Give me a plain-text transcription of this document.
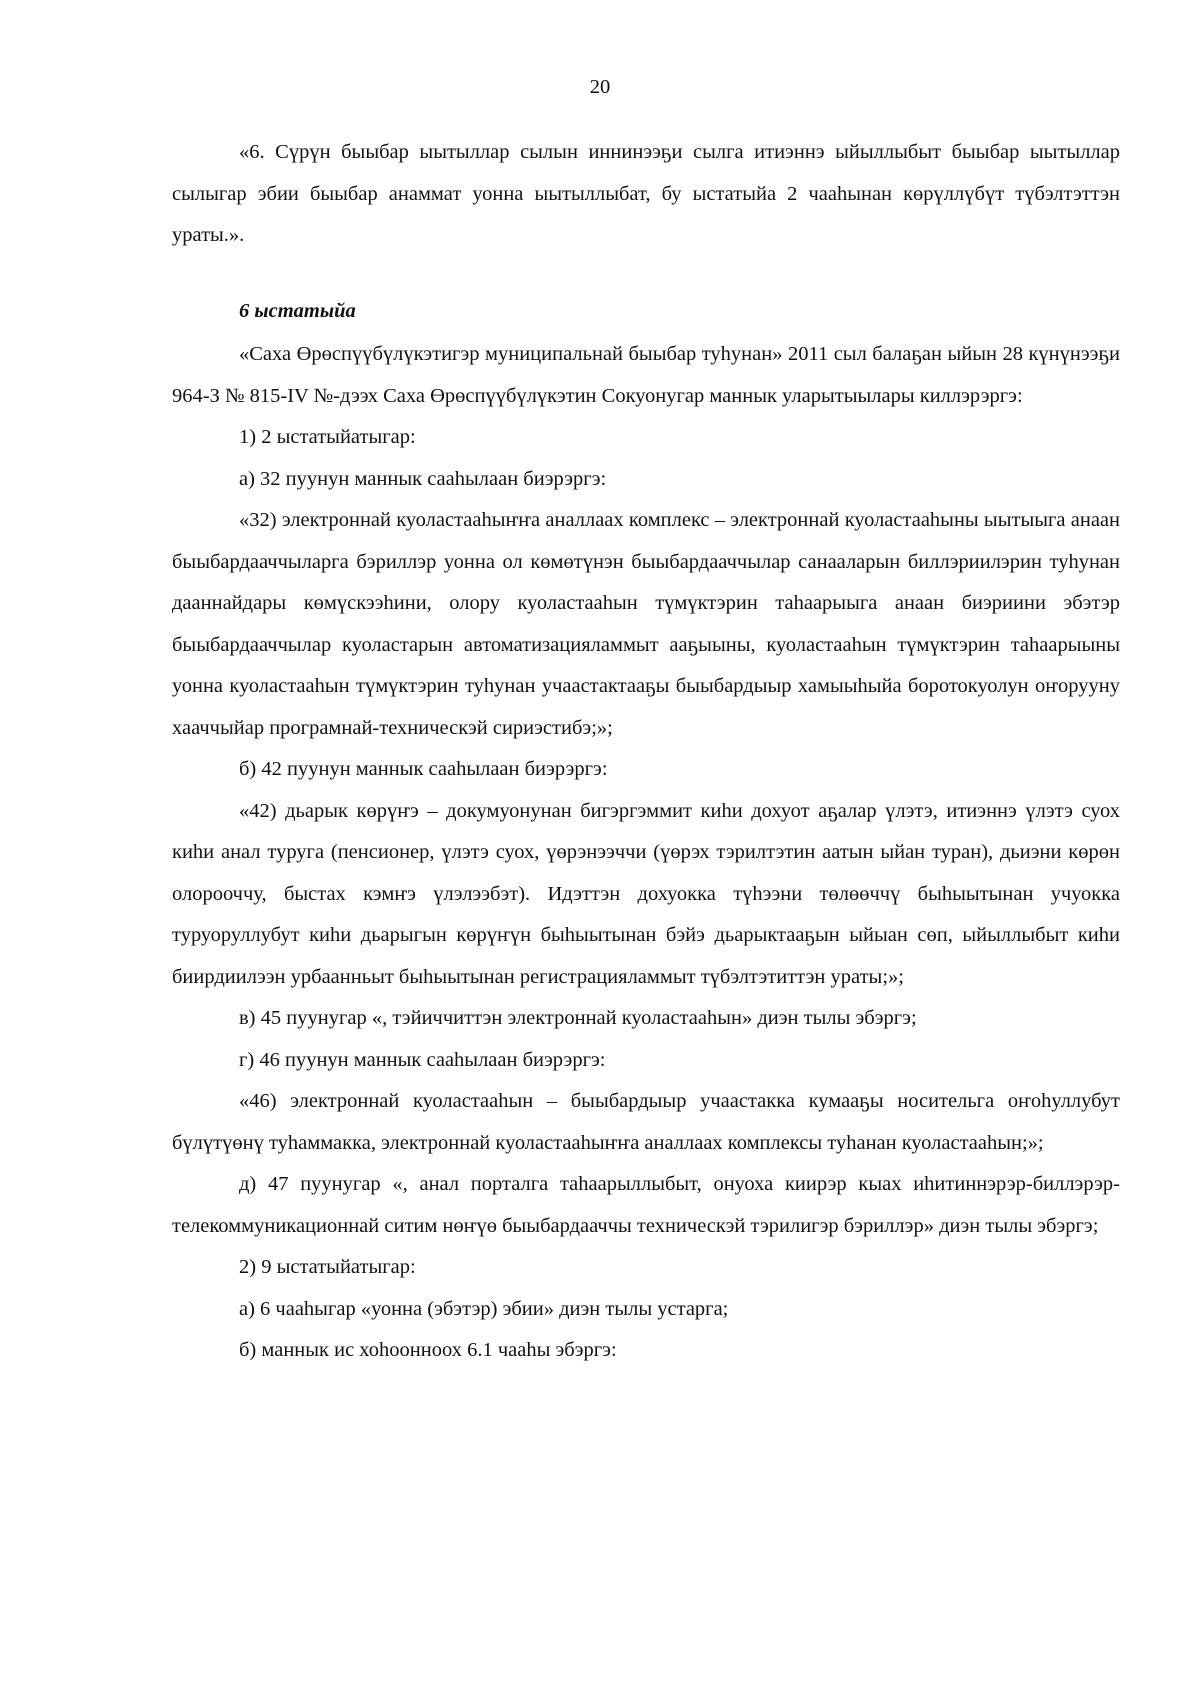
20

«6. Сүрүн быыбар ыытыллар сылын иннинээҕи сылга итиэннэ ыйыллыбыт быыбар ыытыллар сылыгар эбии быыбар анаммат уонна ыытыллыбат, бу ыстатыйа 2 чааһынан көрүллүбүт түбэлтэттэн ураты.».

6 ыстатыйа

«Саха Өрөспүүбүлүкэтигэр муниципальнай быыбар туһунан» 2011 сыл балаҕан ыйын 28 күнүнээҕи 964-З № 815-IV №-дээх Саха Өрөспүүбүлүкэтин Сокуонугар маннык уларытыылары киллэрэргэ:

1) 2 ыстатыйатыгар:

а) 32 пуунун маннык сааһылаан биэрэргэ:

«32) электроннай куоластааһыҥҥа аналлаах комплекс – электроннай куоластааһыны ыытыыга анаан быыбардааччыларга бэриллэр уонна ол көмөтүнэн быыбардааччылар санааларын биллэриилэрин туһунан дааннайдары көмүскээһини, олору куоластааһын түмүктэрин таһаарыыга анаан биэриини эбэтэр быыбардааччылар куоластарын автоматизацияламмыт ааҕыыны, куоластааһын түмүктэрин таһаарыыны уонна куоластааһын түмүктэрин туһунан учаастактааҕы быыбардыыр хамыыһыйа боротокуолун оҥорууну хааччыйар програмнай-техническэй сириэстибэ;»;

б) 42 пуунун маннык сааһылаан биэрэргэ:

«42) дьарык көрүҥэ – докумуонунан бигэргэммит киһи дохуот аҕалар үлэтэ, итиэннэ үлэтэ суох киһи анал туруга (пенсионер, үлэтэ суох, үөрэнээччи (үөрэх тэрилтэтин аатын ыйан туран), дьиэни көрөн олорооччу, быстах кэмҥэ үлэлээбэт). Идэттэн дохуокка түһээни төлөөччү быһыытынан учуокка туруоруллубут киһи дьарыгын көрүҥүн быһыытынан бэйэ дьарыктааҕын ыйыан сөп, ыйыллыбыт киһи биирдиилээн урбаанньыт быһыытынан регистрацияламмыт түбэлтэтиттэн ураты;»;

в) 45 пуунугар «, тэйиччиттэн электроннай куоластааһын» диэн тылы эбэргэ;

г) 46 пуунун маннык сааһылаан биэрэргэ:

«46) электроннай куоластааһын – быыбардыыр учаастакка кумааҕы носительга оҥоһуллубут бүлүтүөнү туһаммакка, электроннай куоластааһыҥҥа аналлаах комплексы туһанан куоластааһын;»;

д) 47 пуунугар «, анал порталга таһаарыллыбыт, онуоха киирэр кыах иһитиннэрэр-биллэрэр-телекоммуникационнай ситим нөҥүө быыбардааччы техническэй тэрилигэр бэриллэр» диэн тылы эбэргэ;

2) 9 ыстатыйатыгар:

а) 6 чааһыгар «уонна (эбэтэр) эбии» диэн тылы устарга;

б) маннык ис хоһоонноох 6.1 чааһы эбэргэ:
